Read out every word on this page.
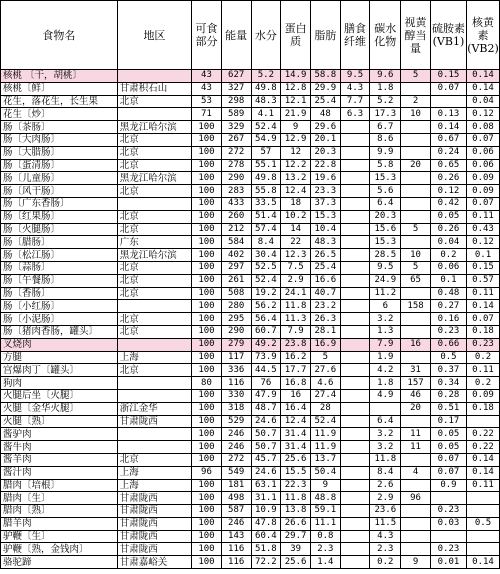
食物名	地区	可食部分	能量	水分	蛋白质	脂肪	膳食纤维	碳水化物	视黄醇当量	硫胺素(VB1)	核黄素(VB2)
核桃 〔干，胡桃〕		43	627	5.2	14.9	58.8	9.5	9.6	5	0.15	0.14
核桃〔鲜〕	甘肃积石山	43	327	49.8	12.8	29.9	4.3	1.8		0.07	0.14
花生，落花生，长生果	北京	53	298	48.3	12.1	25.4	7.7	5.2	2		0.04
花生〔炒〕		71	589	4.1	21.9	48	6.3	17.3	10	0.13	0.12
肠〔茶肠〕	黑龙江哈尔滨	100	329	52.4	9	29.6		6.7		0.14	0.08
肠〔大肉肠〕	北京	100	267	54.9	12.9	20.1		8.6		0.67	0.07
肠〔大腊肠〕	北京	100	272	57	12	20.3		9.9		0.24	0.06
肠〔蛋清肠〕	北京	100	278	55.1	12.2	22.8		5.8	20	0.65	0.06
肠〔儿童肠〕	黑龙江哈尔滨	100	290	49.8	13.2	19.6		15.3		0.26	0.09
肠〔风干肠〕	北京	100	283	55.8	12.4	23.3		5.6		0.12	0.09
肠〔广东香肠〕		100	433	33.5	18	37.3		6.4		0.42	0.07
肠〔红果肠〕	北京	100	260	51.4	10.2	15.3		20.3		0.05	0.11
肠〔火腿肠〕	北京	100	212	57.4	14	10.4		15.6	5	0.26	0.43
肠〔腊肠〕	广东	100	584	8.4	22	48.3		15.3		0.04	0.12
肠〔松江肠〕	黑龙江哈尔滨	100	402	30.4	12.3	26.5		28.5	10	0.2	0.1
肠〔蒜肠〕	北京	100	297	52.5	7.5	25.4		9.5	5	0.06	0.15
肠〔午餐肠〕	北京	100	261	52.4	2.9	16.6		24.9	65	0.1	0.57
肠〔香肠〕	北京	100	508	19.2	24.1	40.7		11.2		0.48	0.11
肠〔小红肠〕		100	280	56.2	11.8	23.2		6	158	0.27	0.14
肠〔小泥肠〕	北京	100	295	56.4	11.3	26.3		3.2		0.16	0.07
肠〔猪肉香肠，罐头〕	北京	100	290	60.7	7.9	28.1		1.3		0.23	0.18
叉烧肉		100	279	49.2	23.8	16.9		7.9	16	0.66	0.23
方腿	上海	100	117	73.9	16.2	5		1.9		0.5	0.2
宫爆肉丁〔罐头〕	北京	100	336	44.5	17.7	27.6		4.2	31	0.37	0.11
狗肉		80	116	76	16.8	4.6		1.8	157	0.34	0.2
火腿后坐〔火腿〕		100	330	47.9	16	27.4		4.9	46	0.28	0.09
火腿〔金华火腿〕	浙江金华	100	318	48.7	16.4	28			20	0.51	0.18
火腿〔熟〕	甘肃陇西	100	529	24.6	12.4	52.4		6.4		0.17	
酱驴肉		100	246	50.7	31.4	11.9		3.2	11	0.05	0.22
酱牛肉		100	246	50.7	31.4	11.9		3.2	11	0.05	0.22
酱羊肉	北京	100	272	45.7	25.6	13.7		11.8		0.07	0.14
酱汁肉	上海	96	549	24.6	15.5	50.4		8.4	4	0.07	0.14
腊肉〔培根〕	上海	100	181	63.1	22.3	9		2.6		0.9	0.11
腊肉〔生〕	甘肃陇西	100	498	31.1	11.8	48.8		2.9	96		
腊肉〔熟〕	甘肃陇西	100	587	10.9	13.8	59.1		23.6		0.23	
腊羊肉	甘肃陇西	100	246	47.8	26.6	11.1		11.5		0.03	0.5
驴鞭〔生〕	甘肃陇西	100	143	60.4	29.7	0.8		4.3			
驴鞭〔熟，金钱肉〕	甘肃陇西	100	116	51.8	39	2.3		2.3		0.23	
骆驼蹄	甘肃嘉峪关	100	116	72.2	25.6	1.4		0.2	9	0.01	0.14
